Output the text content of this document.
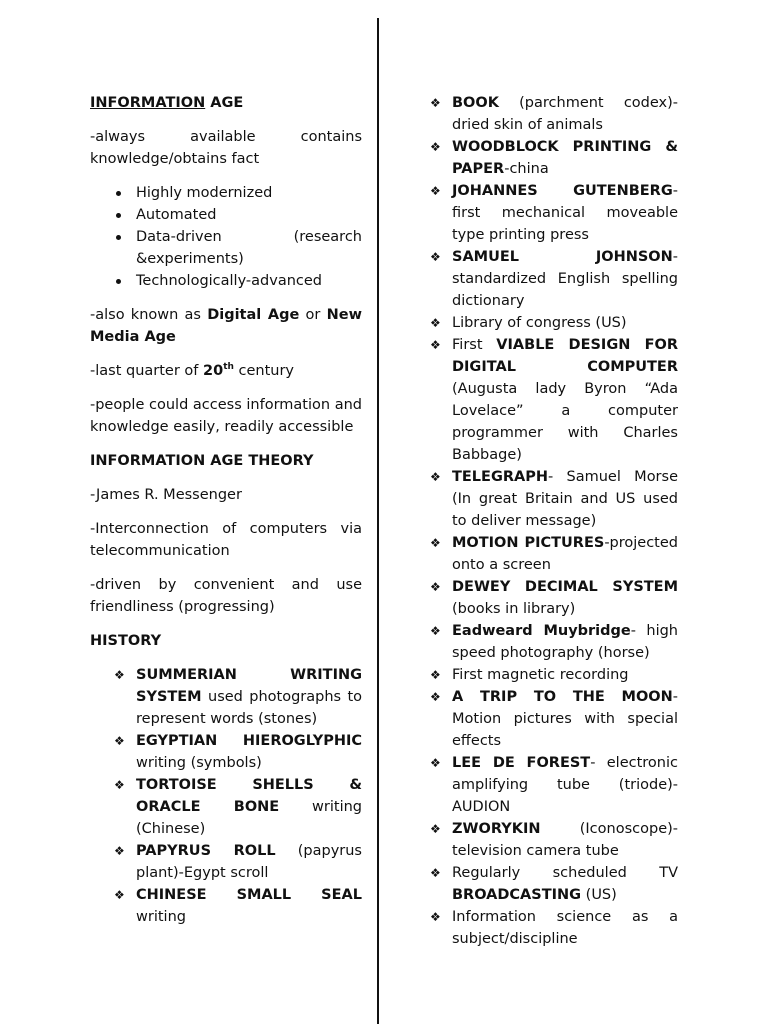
INFORMATION AGE

-always available contains knowledge/obtains fact

Highly modernized
Automated
Data-driven (research &experiments)
Technologically-advanced

-also known as Digital Age or New Media Age

-last quarter of 20th century

-people could access information and knowledge easily, readily accessible

INFORMATION AGE THEORY

-James R. Messenger

-Interconnection of computers via telecommunication

-driven by convenient and use friendliness (progressing)

HISTORY

❖ SUMMERIAN WRITING SYSTEM used photographs to represent words (stones)
❖ EGYPTIAN HIEROGLYPHIC writing (symbols)
❖ TORTOISE SHELLS & ORACLE BONE writing (Chinese)
❖ PAPYRUS ROLL (papyrus plant)-Egypt scroll
❖ CHINESE SMALL SEAL writing
❖ BOOK (parchment codex)-dried skin of animals
❖ WOODBLOCK PRINTING & PAPER-china
❖ JOHANNES GUTENBERG- first mechanical moveable type printing press
❖ SAMUEL JOHNSON-standardized English spelling dictionary
❖ Library of congress (US)
❖ First VIABLE DESIGN FOR DIGITAL COMPUTER (Augusta lady Byron “Ada Lovelace” a computer programmer with Charles Babbage)
❖ TELEGRAPH- Samuel Morse (In great Britain and US used to deliver message)
❖ MOTION PICTURES-projected onto a screen
❖ DEWEY DECIMAL SYSTEM (books in library)
❖ Eadweard Muybridge- high speed photography (horse)
❖ First magnetic recording
❖ A TRIP TO THE MOON-Motion pictures with special effects
❖ LEE DE FOREST- electronic amplifying tube (triode)-AUDION
❖ ZWORYKIN (Iconoscope)-television camera tube
❖ Regularly scheduled TV BROADCASTING (US)
❖ Information science as a subject/discipline
